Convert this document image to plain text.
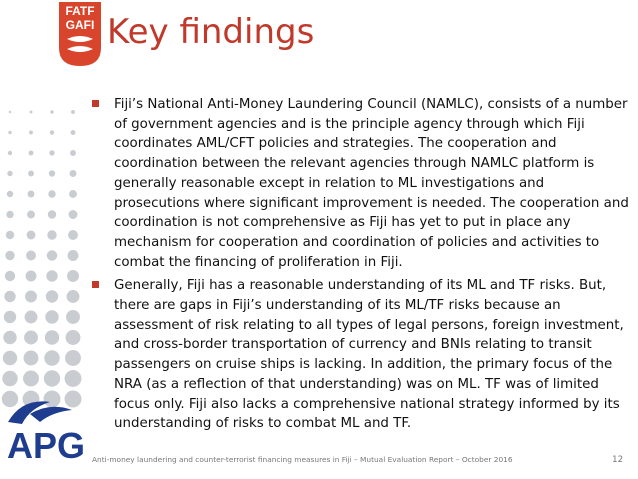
FATF
GAFI Key findings
Fiji’s National Anti-Money Laundering Council (NAMLC), consists of a number of government agencies and is the principle agency through which Fiji coordinates AML/CFT policies and strategies. The cooperation and coordination between the relevant agencies through NAMLC platform is generally reasonable except in relation to ML investigations and prosecutions where significant improvement is needed. The cooperation and coordination is not comprehensive as Fiji has yet to put in place any mechanism for cooperation and coordination of policies and activities to combat the financing of proliferation in Fiji.
Generally, Fiji has a reasonable understanding of its ML and TF risks. But, there are gaps in Fiji’s understanding of its ML/TF risks because an assessment of risk relating to all types of legal persons, foreign investment, and cross-border transportation of currency and BNIs relating to transit passengers on cruise ships is lacking. In addition, the primary focus of the NRA (as a reflection of that understanding) was on ML. TF was of limited focus only. Fiji also lacks a comprehensive national strategy informed by its understanding of risks to combat ML and TF.
APG Anti-money laundering and counter-terrorist financing measures in Fiji – Mutual Evaluation Report – October 2016	12
